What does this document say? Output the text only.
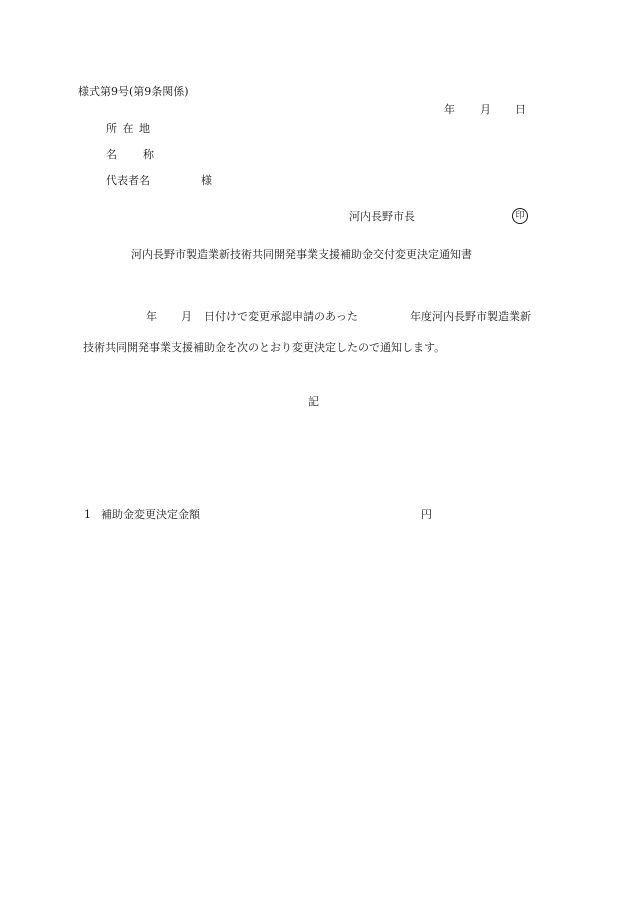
様式第9号(第9条関係)
年 月 日
所 在 地
名 称
代表者名	様
河内長野市長	印
河内長野市製造業新技術共同開発事業支援補助金交付変更決定通知書
年 月 日付けで変更承認申請のあった	年度河内長野市製造業新
技術共同開発事業支援補助金を次のとおり変更決定したので通知します。
記
1 補助金変更決定金額	円
